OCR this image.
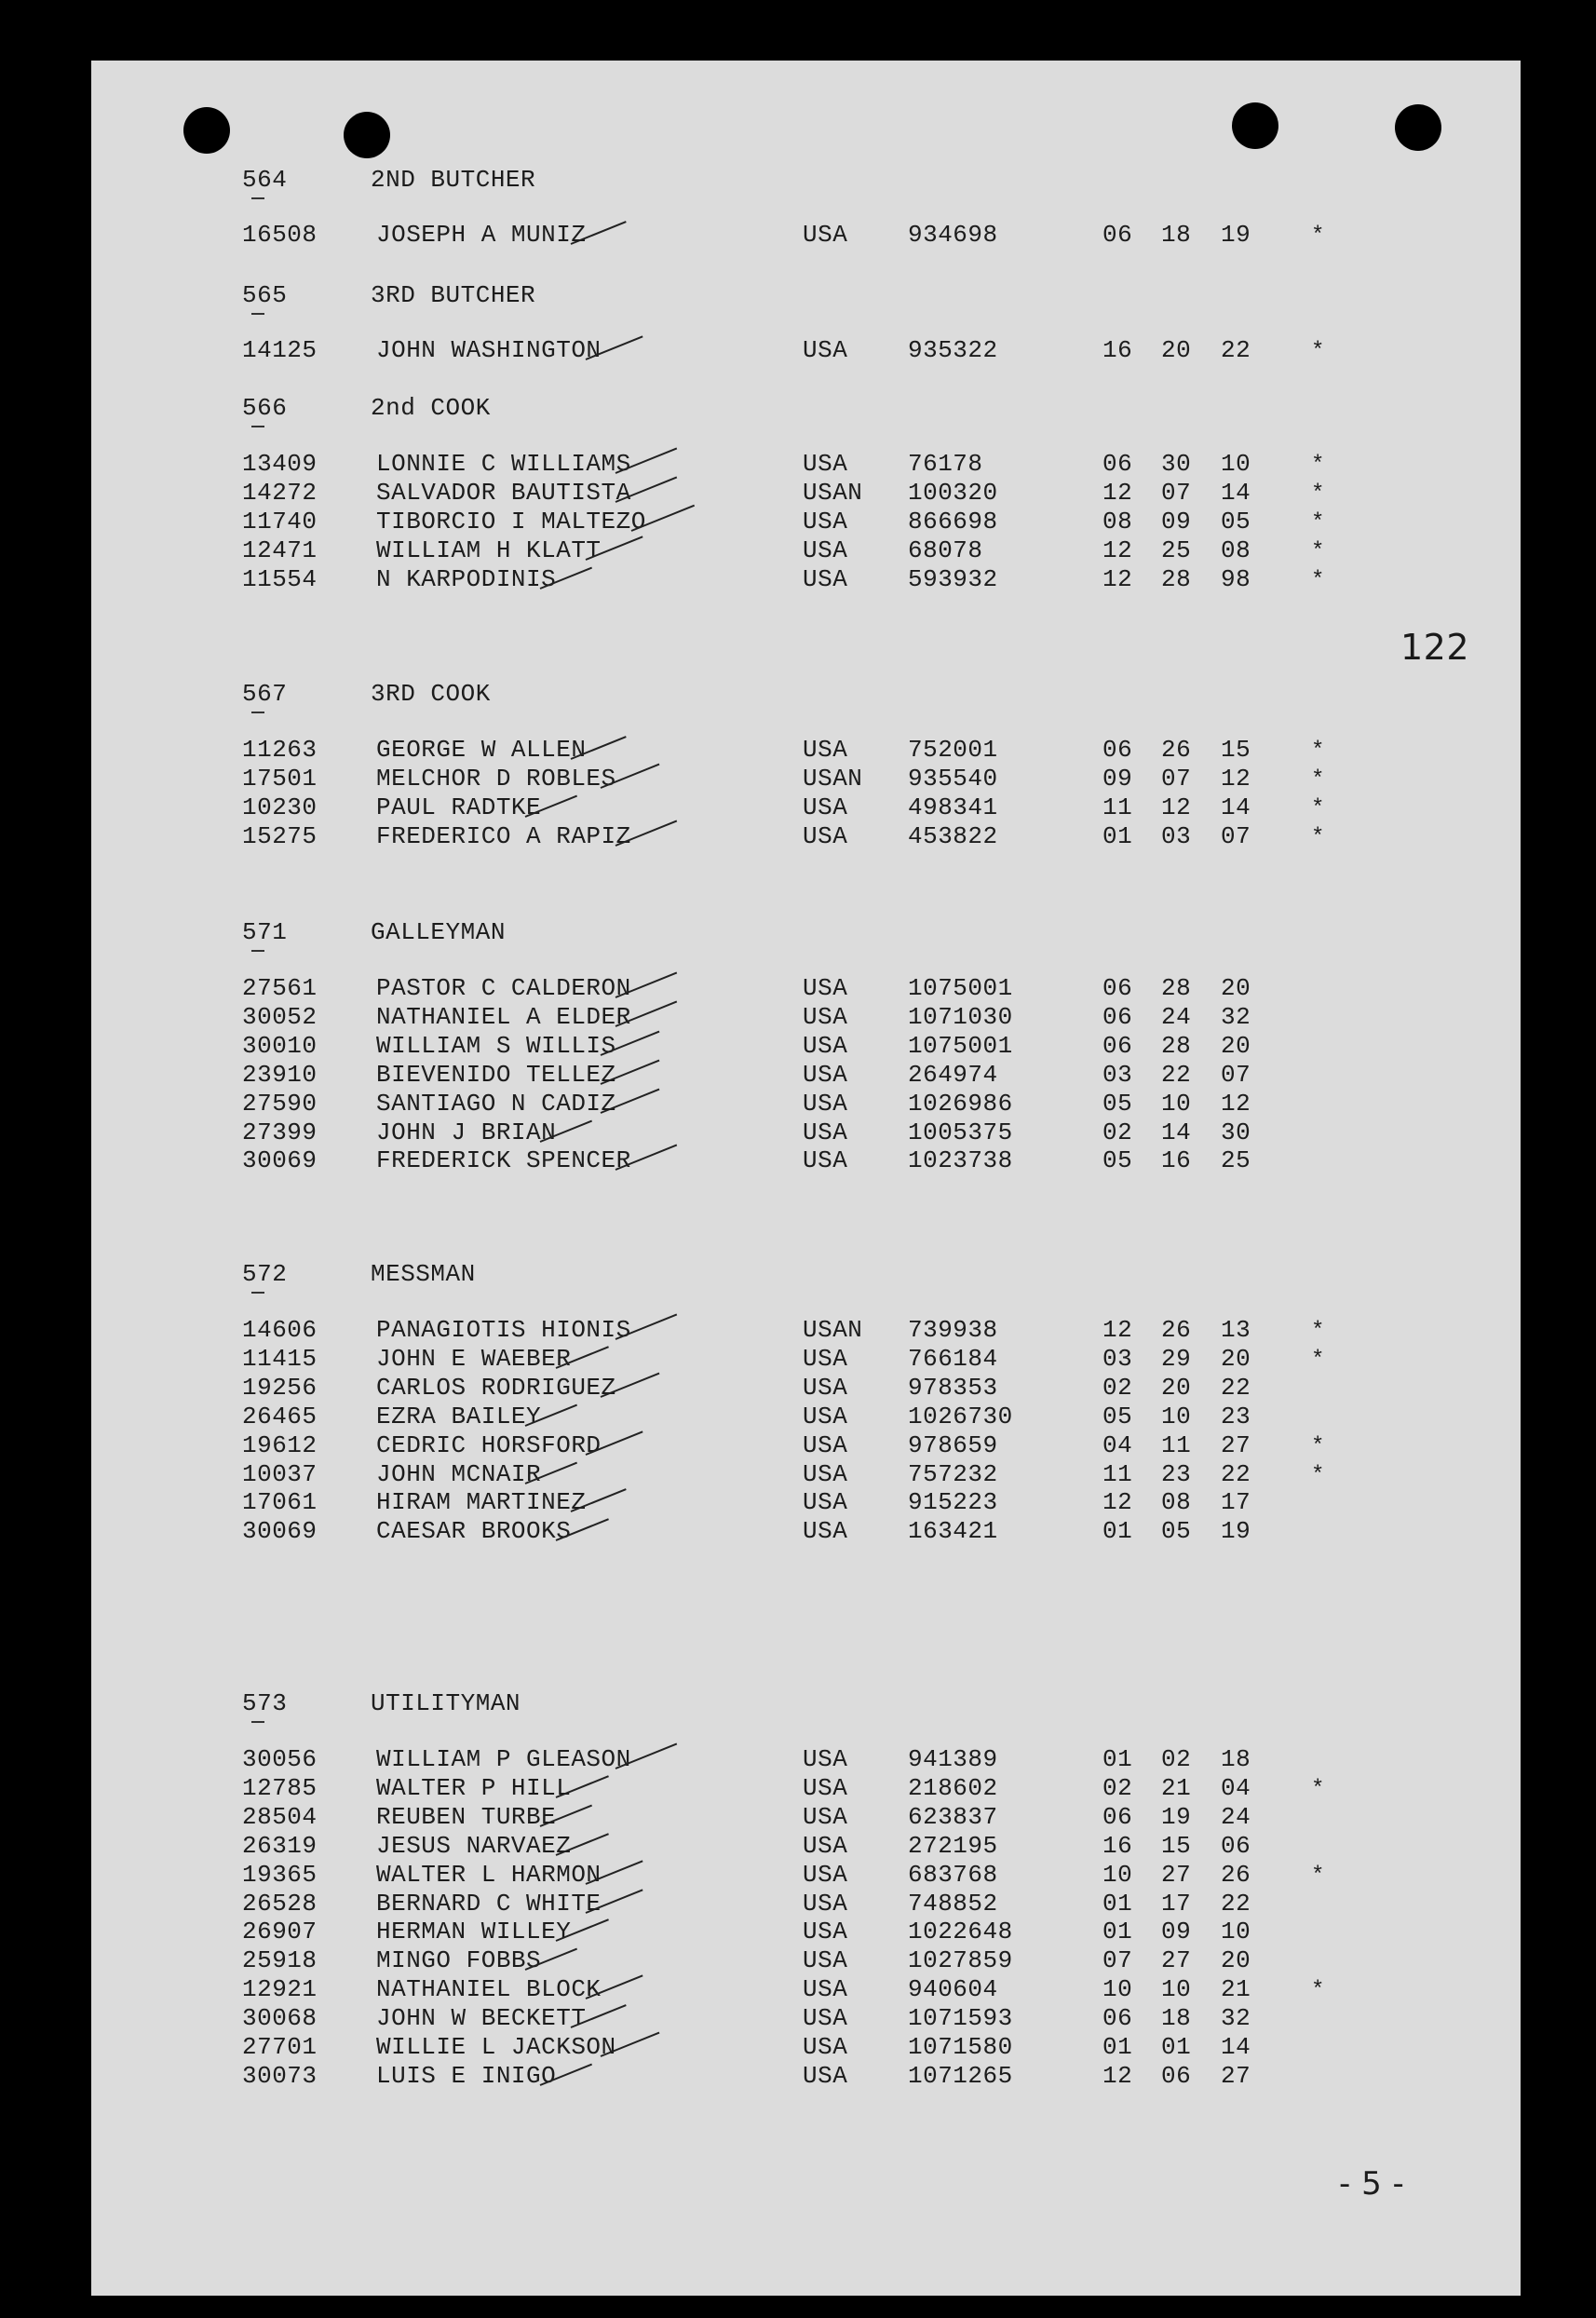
564	2ND BUTCHER
16508 JOSEPH A MUNIZ	USA 934698	06 18 19	*
565	3RD BUTCHER
14125 JOHN WASHINGTON	USA 935322	16 20 22	*
566	2nd COOK
13409 LONNIE C WILLIAMS	USA 76178	06 30 10	*
14272 SALVADOR BAUTISTA	USAN 100320	12 07 14	*
11740 TIBORCIO I MALTEZO	USA 866698	08 09 05	*
12471 WILLIAM H KLATT	USA 68078	12 25 08	*
11554 N KARPODINIS	USA 593932	12 28 98	*
567	3RD COOK
11263 GEORGE W ALLEN	USA 752001	06 26 15	*
17501 MELCHOR D ROBLES	USAN 935540	09 07 12	*
10230 PAUL RADTKE	USA 498341	11 12 14	*
15275 FREDERICO A RAPIZ	USA 453822	01 03 07	*
571	GALLEYMAN
27561 PASTOR C CALDERON	USA 1075001	06 28 20
30052 NATHANIEL A ELDER	USA 1071030	06 24 32
30010 WILLIAM S WILLIS	USA 1075001	06 28 20
23910 BIEVENIDO TELLEZ	USA 264974	03 22 07
27590 SANTIAGO N CADIZ	USA 1026986	05 10 12
27399 JOHN J BRIAN	USA 1005375	02 14 30
30069 FREDERICK SPENCER	USA 1023738	05 16 25
572	MESSMAN
14606 PANAGIOTIS HIONIS	USAN 739938	12 26 13	*
11415 JOHN E WAEBER	USA 766184	03 29 20	*
19256 CARLOS RODRIGUEZ	USA 978353	02 20 22
26465 EZRA BAILEY	USA 1026730	05 10 23
19612 CEDRIC HORSFORD	USA 978659	04 11 27	*
10037 JOHN MCNAIR	USA 757232	11 23 22	*
17061 HIRAM MARTINEZ	USA 915223	12 08 17
30069 CAESAR BROOKS	USA 163421	01 05 19
573	UTILITYMAN
30056 WILLIAM P GLEASON	USA 941389	01 02 18
12785 WALTER P HILL	USA 218602	02 21 04	*
28504 REUBEN TURBE	USA 623837	06 19 24
26319 JESUS NARVAEZ	USA 272195	16 15 06
19365 WALTER L HARMON	USA 683768	10 27 26	*
26528 BERNARD C WHITE	USA 748852	01 17 22
26907 HERMAN WILLEY	USA 1022648	01 09 10
25918 MINGO FOBBS	USA 1027859	07 27 20
12921 NATHANIEL BLOCK	USA 940604	10 10 21	*
30068 JOHN W BECKETT	USA 1071593	06 18 32
27701 WILLIE L JACKSON	USA 1071580	01 01 14
30073 LUIS E INIGO	USA 1071265	12 06 27
122
- 5 -
